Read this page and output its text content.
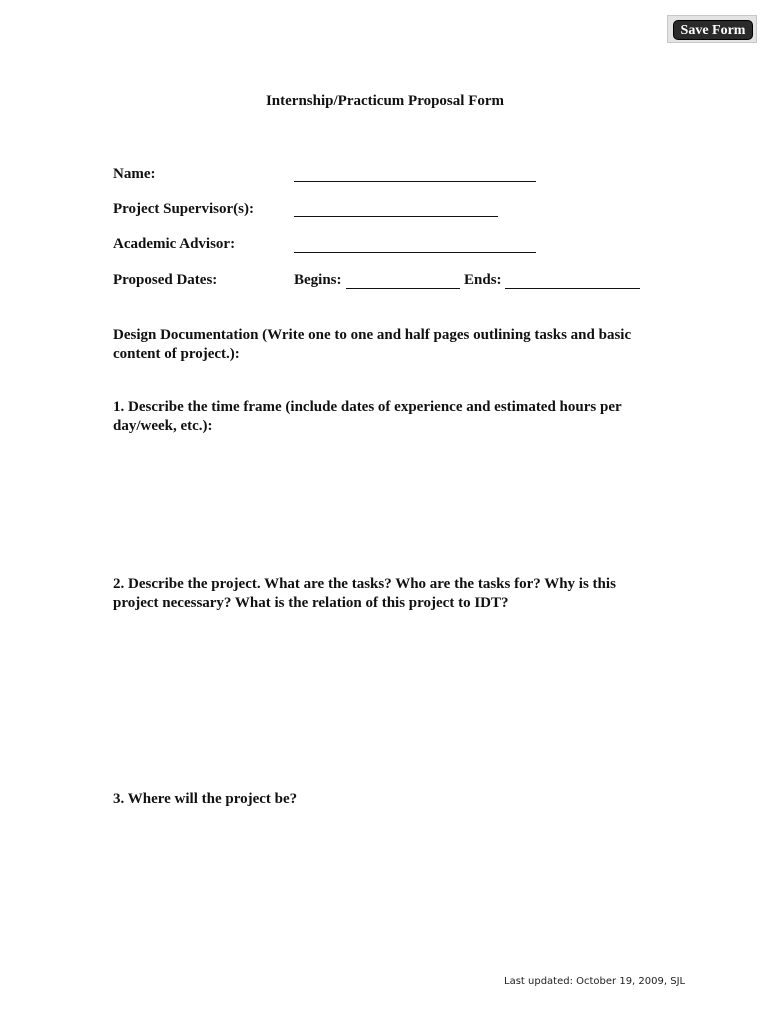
Save Form
Internship/Practicum Proposal Form
Name:
Project Supervisor(s):
Academic Advisor:
Proposed Dates:	Begins:	Ends:
Design Documentation (Write one to one and half pages outlining tasks and basic content of project.):
1. Describe the time frame (include dates of experience and estimated hours per day/week, etc.):
2. Describe the project. What are the tasks? Who are the tasks for? Why is this project necessary? What is the relation of this project to IDT?
3. Where will the project be?
Last updated: October 19, 2009, SJL
